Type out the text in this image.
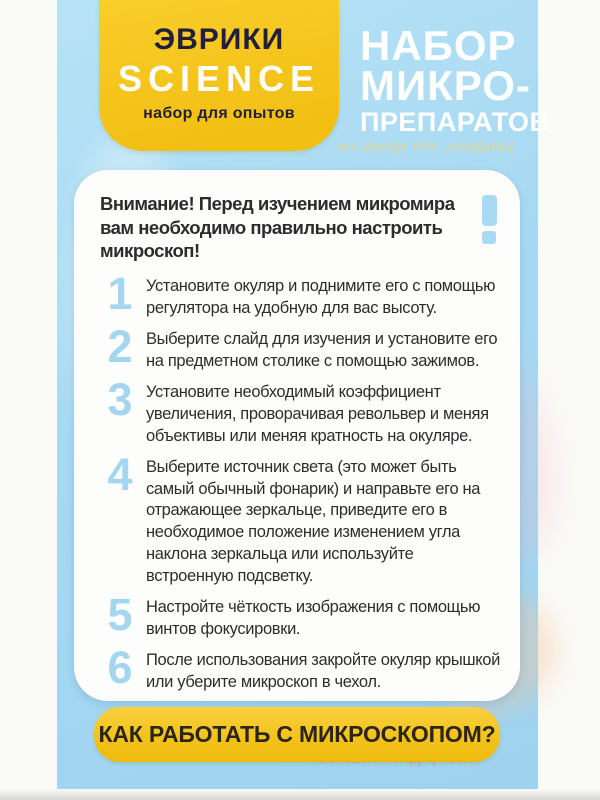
увидело, что кровь со
ЭВРИКИ
SCIENCE
набор для опытов
НАБОР
МИКРО-
ПРЕПАРАТОВ
Внимание! Перед изучением микромира вам необходимо правильно настроить микроскоп!
1 Установите окуляр и поднимите его с помощью регулятора на удобную для вас высоту.
2 Выберите слайд для изучения и установите его на предметном столике с помощью зажимов.
3 Установите необходимый коэффициент увеличения, проворачивая револьвер и меняя объективы или меняя кратность на окуляре.
4 Выберите источник света (это может быть самый обычный фонарик) и направьте его на отражающее зеркальце, приведите его в необходимое положение изменением угла наклона зеркальца или используйте встроенную подсветку.
5 Настройте чёткость изображения с помощью винтов фокусировки.
6 После использования закройте окуляр крышкой или уберите микроскоп в чехол.
КАК РАБОТАТЬ С МИКРОСКОПОМ?
